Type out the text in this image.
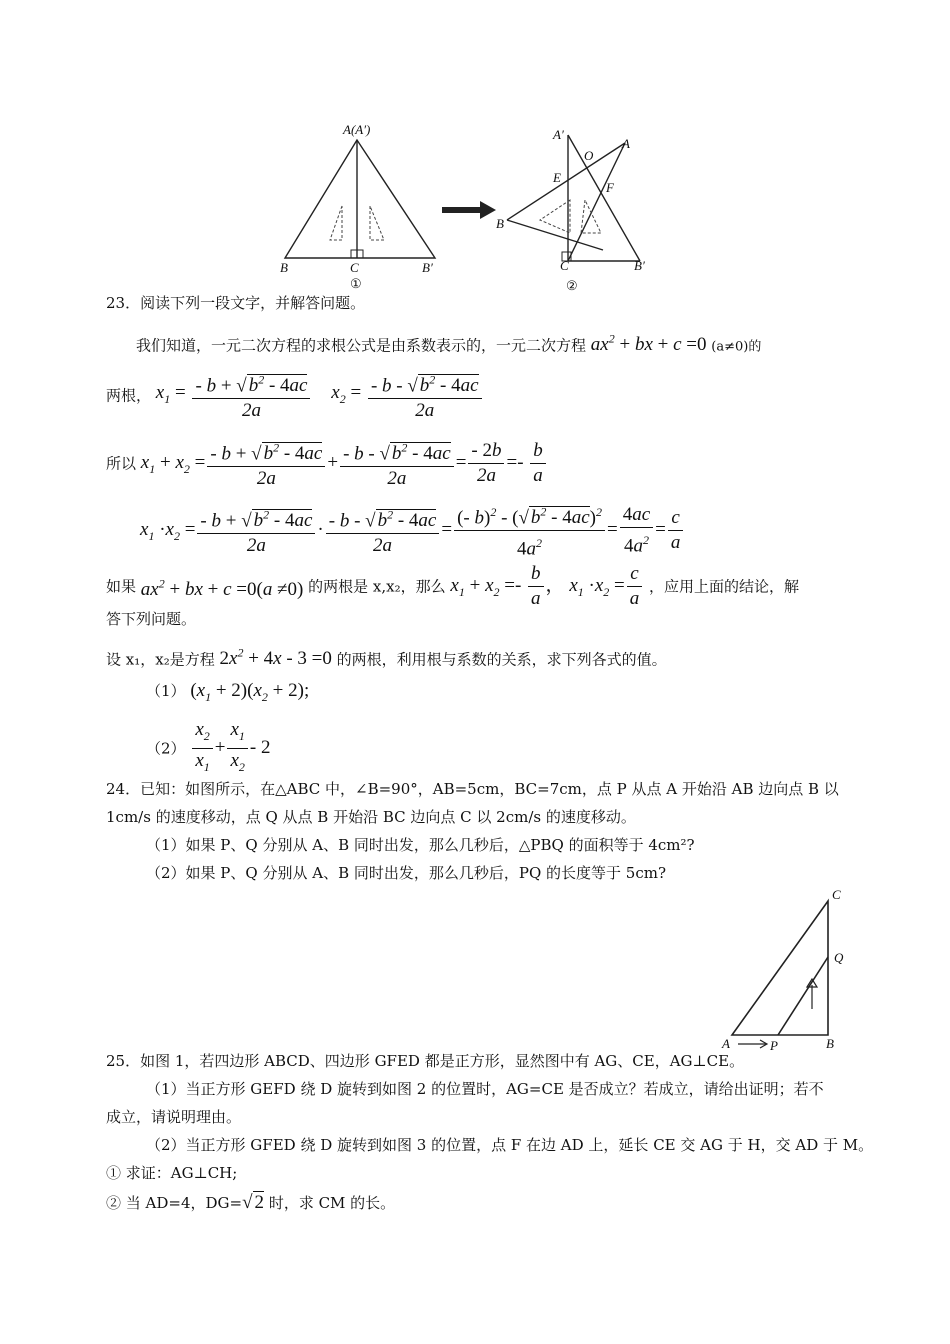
A(A′)
B	C	B′
①
A′
O
A
E
F
B
C	B′
②
23．阅读下列一段文字，并解答问题。
我们知道，一元二次方程的求根公式是由系数表示的，一元二次方程 $ax^2$ + bx + c =0 (a≠0)的
两根， $x_1 = \frac{- b + √ b^2 - 4ac}{2a} x_2 = \frac{- b - √ b^2 - 4ac}{2a}$
所以 $x_1 + x_2 = \frac{- b + √ b^2 - 4ac}{2a} + \frac{- b - √ b^2 - 4ac}{2a} = \frac{- 2b}{2a} =- \frac{b}{a}$
$x_1 \cdot x_2 = \frac{- b + √ b^2 - 4ac}{2a} \cdot \frac{- b - √ b^2 - 4ac}{2a} = \frac{(- b)^2 - (√ b^2 - 4ac)^2}{4a^2} = \frac{4ac}{4a^2} = \frac{c}{a}$
如果 $ax^2$ + bx + c =0(a ≠0) 的两根是 x,x₂，那么 $x_1 + x_2 =- \frac{b}{a}$ ， $x_1 \cdot x_2 = \frac{c}{a}$ ，应用上面的结论，解
答下列问题。
设 x₁，x₂是方程 $2x^2 + 4x - 3 =0$ 的两根，利用根与系数的关系，求下列各式的值。
（1） $(x_1 + 2)(x_2 + 2)$;
$(2) \frac{x_2}{x_1} + \frac{x_1}{x_2} - 2$
24．已知：如图所示，在△ABC 中，∠B=90°，AB=5cm，BC=7cm，点 P 从点 A 开始沿 AB 边向点 B 以
1cm/s 的速度移动，点 Q 从点 B 开始沿 BC 边向点 C 以 2cm/s 的速度移动。
（1）如果 P、Q 分别从 A、B 同时出发，那么几秒后，△PBQ 的面积等于 4cm²?
（2）如果 P、Q 分别从 A、B 同时出发，那么几秒后，PQ 的长度等于 5cm?
C
Q
A	P	B
25．如图 1，若四边形 ABCD、四边形 GFED 都是正方形，显然图中有 AG、CE，AG⊥CE。
（1）当正方形 GEFD 绕 D 旋转到如图 2 的位置时，AG=CE 是否成立？若成立，请给出证明；若不
成立，请说明理由。
（2）当正方形 GFED 绕 D 旋转到如图 3 的位置，点 F 在边 AD 上，延长 CE 交 AG 于 H，交 AD 于 M。
① 求证：AG⊥CH;
② 当 AD=4，DG=√ 2 时，求 CM 的长。
